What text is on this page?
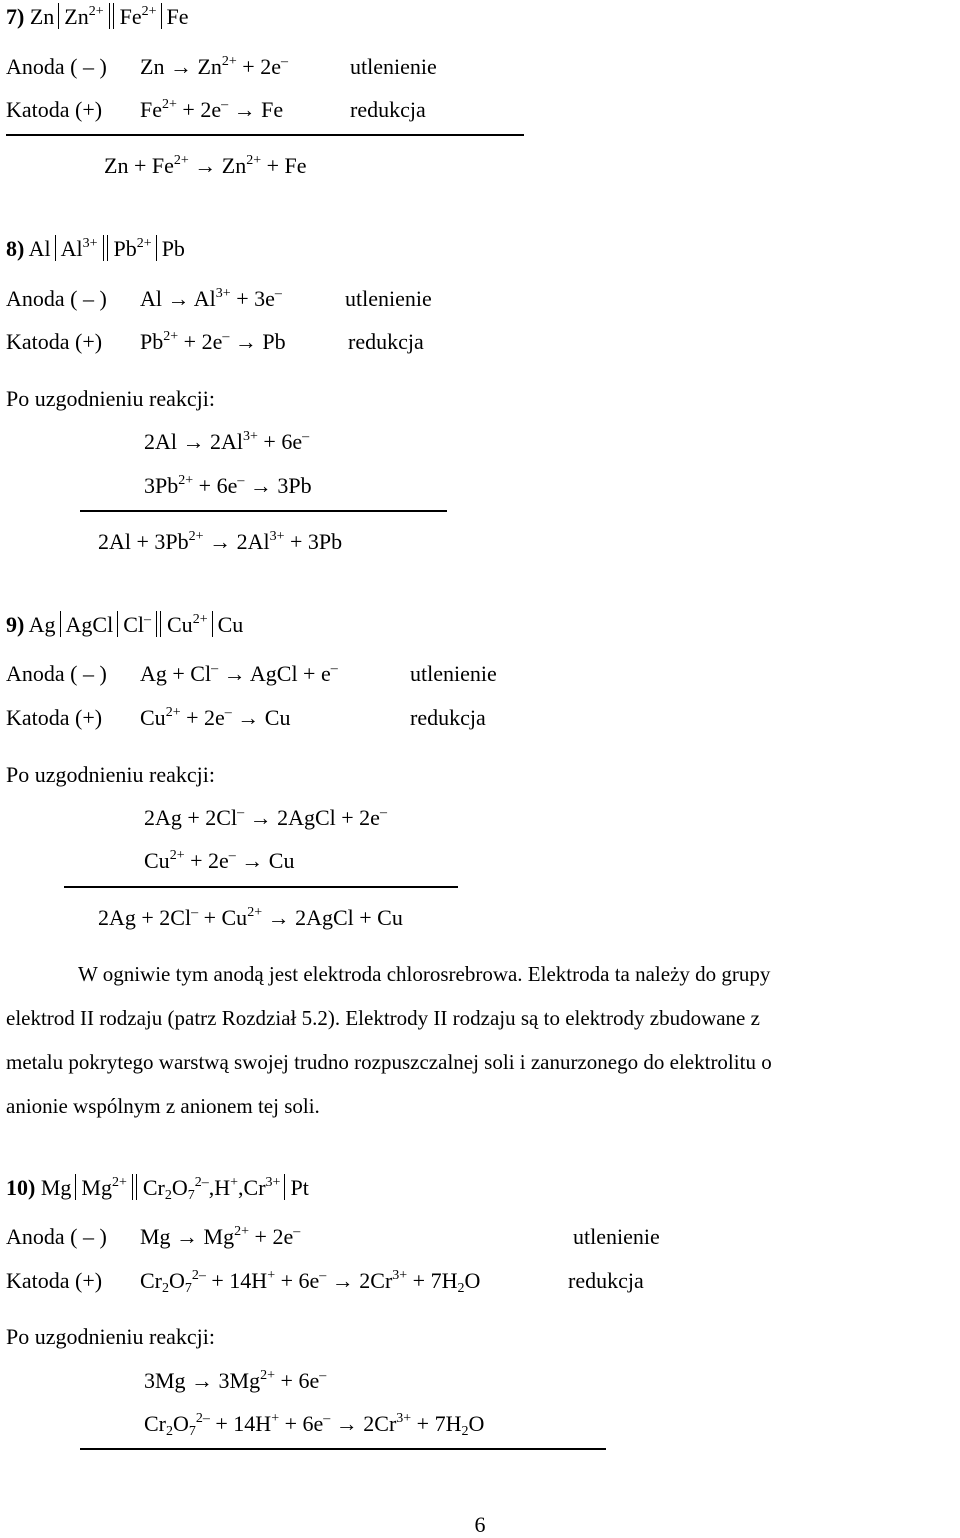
7) Zn $Zn^{2+}$ $Fe^{2+}$ Fe
Anoda ( – ) $Zn \to Zn^{2+} + 2e^-$	utlenienie
Katoda (+) $Fe^{2+} + 2e^- \to Fe$	redukcja
$Zn + Fe^{2+} \to Zn^{2+} + Fe$
8) Al $Al^{3+}$ $Pb^{2+}$ Pb
Anoda ( – ) $Al \to Al^{3+} + 3e^-$	utlenienie
Katoda (+) $Pb^{2+} + 2e^- \to Pb$	redukcja
Po uzgodnieniu reakcji:
$2Al \to 2Al^{3+} + 6e^-$
$3Pb^{2+} + 6e^- \to 3Pb$
$2Al + 3Pb^{2+} \to 2Al^{3+} + 3Pb$
9) Ag AgCl Cl– $Cu^{2+}$ Cu
Anoda ( – ) Ag + Cl– → AgCl + e–	utlenienie
Katoda (+) $Cu^{2+} + 2e^- \to Cu$	redukcja
Po uzgodnieniu reakcji:
2Ag + 2Cl– → 2AgCl + 2e–
$Cu^{2+} + 2e^- \to Cu$
$2Ag + 2Cl^- + Cu^{2+}$ → 2AgCl + Cu
W ogniwie tym anodą jest elektroda chlorosrebrowa. Elektroda ta należy do grupy
elektrod II rodzaju (patrz Rozdział 5.2). Elektrody II rodzaju są to elektrody zbudowane z
metalu pokrytego warstwą swojej trudno rozpuszczalnej soli i zanurzonego do elektrolitu o
anionie wspólnym z anionem tej soli.
10) Mg $Mg^{2+}$ $Cr_2O_7^{2-},H^+,Cr^{3+}$ Pt
Anoda ( – ) $Mg \to Mg^{2+} + 2e^-$	utlenienie
Katoda (+) $Cr_2O_7^{2-} + 14H^+ + 6e^- \to 2Cr^{3+} + 7H_2O$	redukcja
Po uzgodnieniu reakcji:
$3Mg \to 3Mg^{2+} + 6e^-$
$Cr_2O_7^{2-} + 14H^+ + 6e^- \to 2Cr^{3+} + 7H_2O$
6
